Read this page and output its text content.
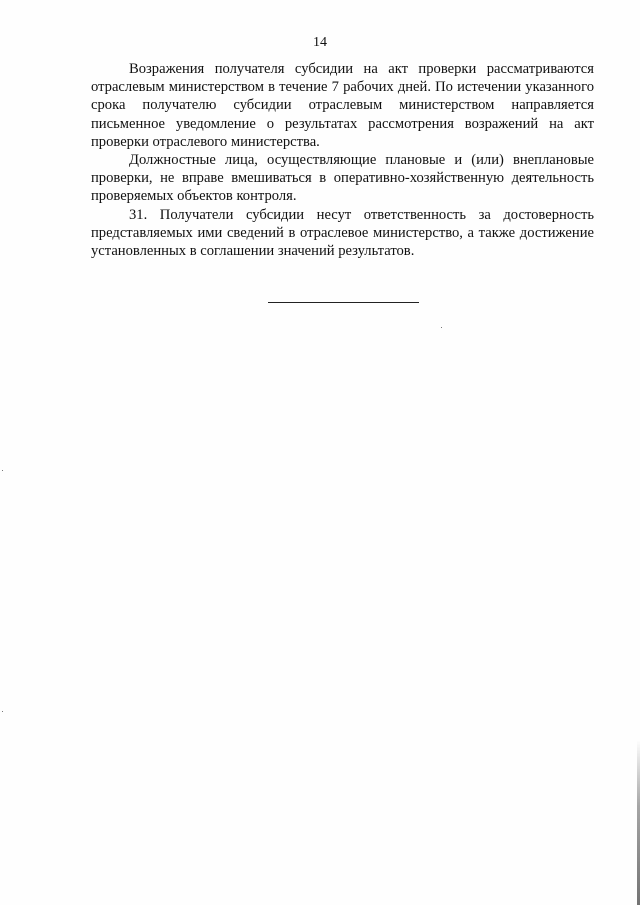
14

Возражения получателя субсидии на акт проверки рассматриваются отраслевым министерством в течение 7 рабочих дней. По истечении указанного срока получателю субсидии отраслевым министерством направляется письменное уведомление о результатах рассмотрения возражений на акт проверки отраслевого министерства.

Должностные лица, осуществляющие плановые и (или) внеплановые проверки, не вправе вмешиваться в оперативно-хозяйственную деятельность проверяемых объектов контроля.

31. Получатели субсидии несут ответственность за достоверность представляемых ими сведений в отраслевое министерство, а также достижение установленных в соглашении значений результатов.
